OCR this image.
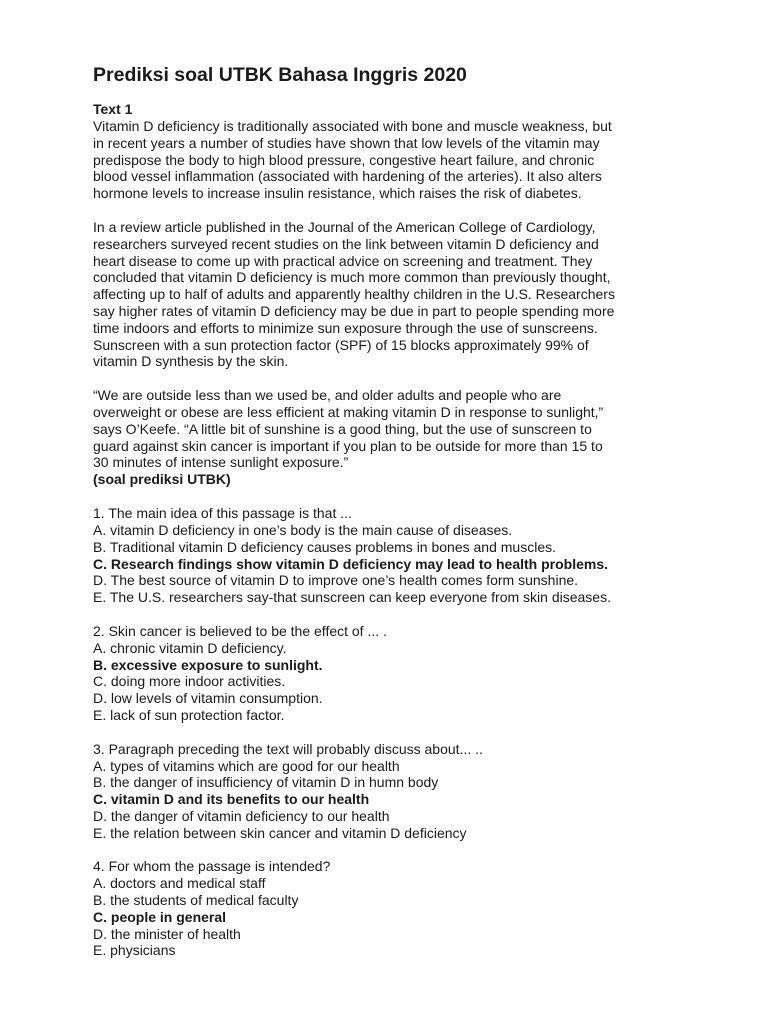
Prediksi soal UTBK Bahasa Inggris 2020
Text 1

Vitamin D deficiency is traditionally associated with bone and muscle weakness, but
in recent years a number of studies have shown that low levels of the vitamin may
predispose the body to high blood pressure, congestive heart failure, and chronic
blood vessel inflammation (associated with hardening of the arteries). It also alters
hormone levels to increase insulin resistance, which raises the risk of diabetes.

In a review article published in the Journal of the American College of Cardiology,
researchers surveyed recent studies on the link between vitamin D deficiency and
heart disease to come up with practical advice on screening and treatment. They
concluded that vitamin D deficiency is much more common than previously thought,
affecting up to half of adults and apparently healthy children in the U.S. Researchers
say higher rates of vitamin D deficiency may be due in part to people spending more
time indoors and efforts to minimize sun exposure through the use of sunscreens.
Sunscreen with a sun protection factor (SPF) of 15 blocks approximately 99% of
vitamin D synthesis by the skin.

“We are outside less than we used be, and older adults and people who are
overweight or obese are less efficient at making vitamin D in response to sunlight,”
says O’Keefe. “A little bit of sunshine is a good thing, but the use of sunscreen to
guard against skin cancer is important if you plan to be outside for more than 15 to
30 minutes of intense sunlight exposure.”

(soal prediksi UTBK)
1. The main idea of this passage is that ...
A. vitamin D deficiency in one’s body is the main cause of diseases.
B. Traditional vitamin D deficiency causes problems in bones and muscles.
C. Research findings show vitamin D deficiency may lead to health problems.
D. The best source of vitamin D to improve one’s health comes form sunshine.
E. The U.S. researchers say-that sunscreen can keep everyone from skin diseases.
2. Skin cancer is believed to be the effect of ... .
A. chronic vitamin D deficiency.
B. excessive exposure to sunlight.
C. doing more indoor activities.
D. low levels of vitamin consumption.
E. lack of sun protection factor.
3. Paragraph preceding the text will probably discuss about... ..
A. types of vitamins which are good for our health
B. the danger of insufficiency of vitamin D in humn body
C. vitamin D and its benefits to our health
D. the danger of vitamin deficiency to our health
E. the relation between skin cancer and vitamin D deficiency
4. For whom the passage is intended?
A. doctors and medical staff
B. the students of medical faculty
C. people in general
D. the minister of health
E. physicians
